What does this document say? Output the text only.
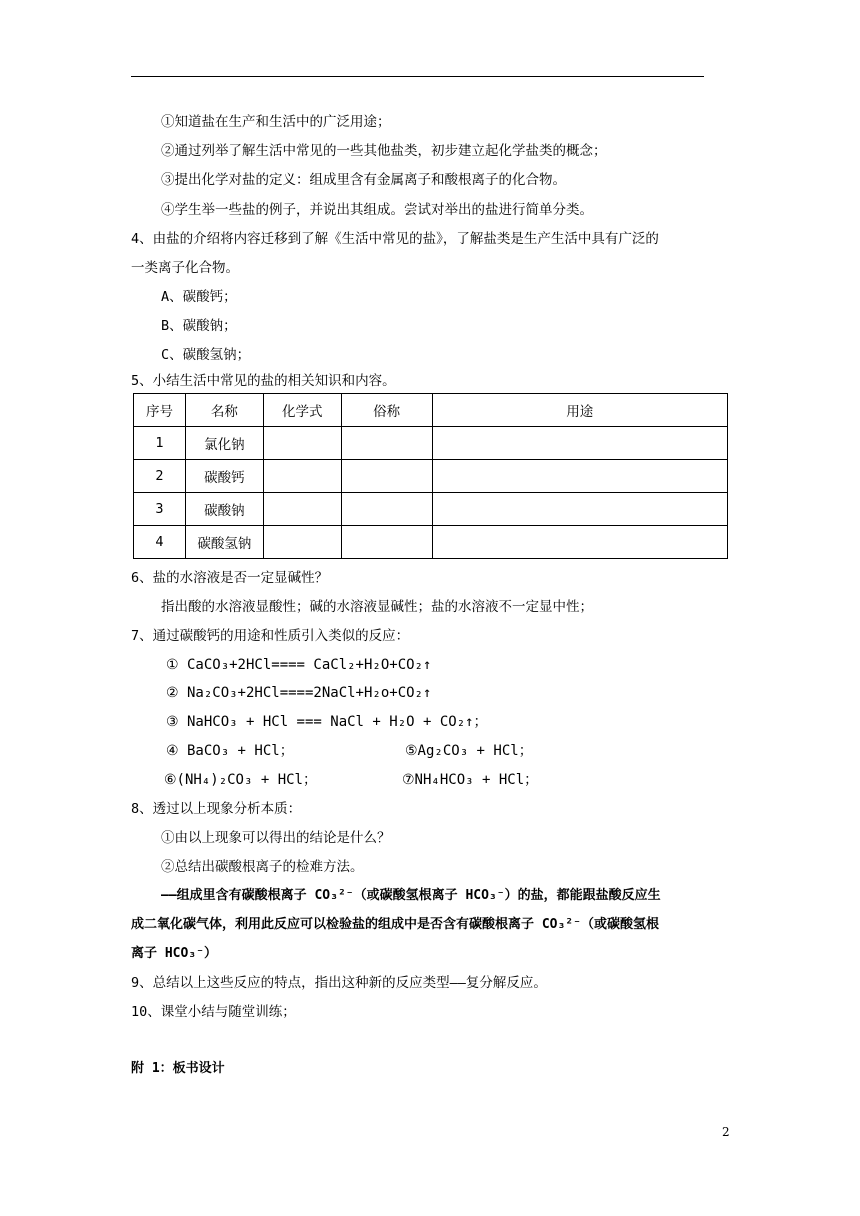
①知道盐在生产和生活中的广泛用途；
②通过列举了解生活中常见的一些其他盐类，初步建立起化学盐类的概念；
③提出化学对盐的定义：组成里含有金属离子和酸根离子的化合物。
④学生举一些盐的例子，并说出其组成。尝试对举出的盐进行简单分类。
4、由盐的介绍将内容迁移到了解《生活中常见的盐》，了解盐类是生产生活中具有广泛的
一类离子化合物。
A、碳酸钙；
B、碳酸钠；
C、碳酸氢钠；
5、小结生活中常见的盐的相关知识和内容。
序号	名称	化学式	俗称	用途
1	氯化钠			
2	碳酸钙			
3	碳酸钠			
4	碳酸氢钠			
6、盐的水溶液是否一定显碱性？
指出酸的水溶液显酸性；碱的水溶液显碱性；盐的水溶液不一定显中性；
7、通过碳酸钙的用途和性质引入类似的反应：
① CaCO₃+2HCl==== CaCl₂+H₂O+CO₂↑
② Na₂CO₃+2HCl====2NaCl+H₂o+CO₂↑
③ NaHCO₃ + HCl === NaCl + H₂O + CO₂↑；
④ BaCO₃ + HCl；	⑤Ag₂CO₃ + HCl；
⑥(NH₄)₂CO₃ + HCl；	⑦NH₄HCO₃ + HCl；
8、透过以上现象分析本质：
①由以上现象可以得出的结论是什么？
②总结出碳酸根离子的检难方法。
——组成里含有碳酸根离子 CO₃²⁻（或碳酸氢根离子 HCO₃⁻）的盐，都能跟盐酸反应生
成二氧化碳气体，利用此反应可以检验盐的组成中是否含有碳酸根离子 CO₃²⁻（或碳酸氢根
离子 HCO₃⁻）
9、总结以上这些反应的特点，指出这种新的反应类型——复分解反应。
10、课堂小结与随堂训练；
附 1：板书设计
2
